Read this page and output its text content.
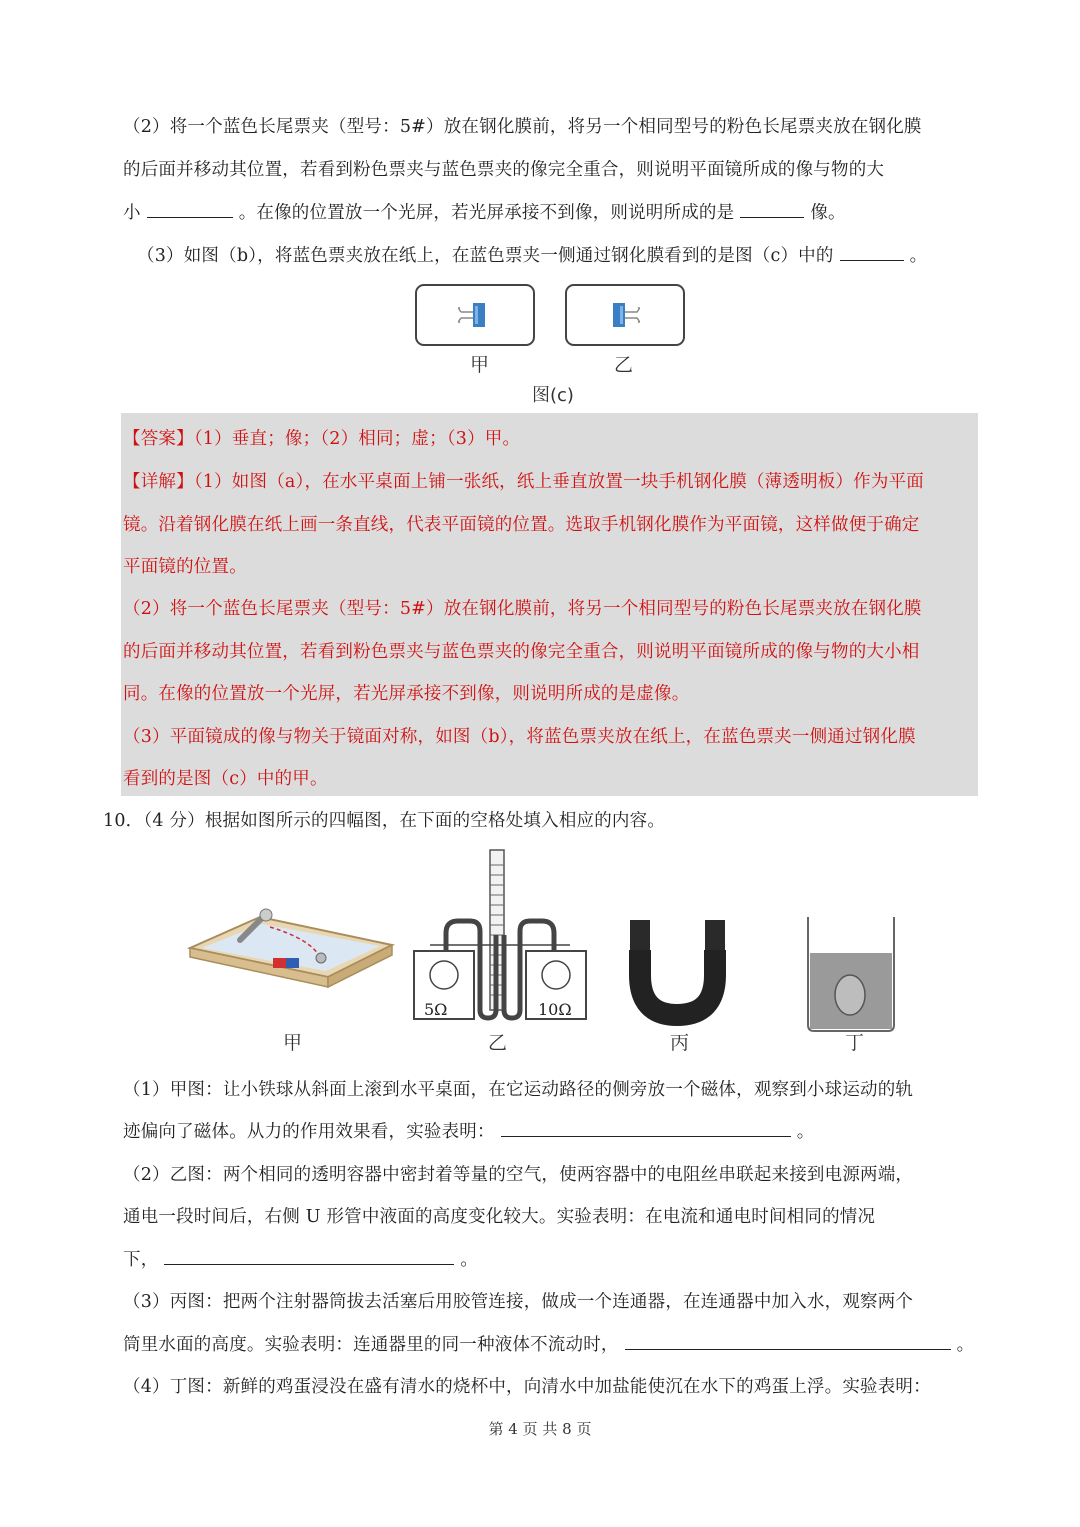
（2）将一个蓝色长尾票夹（型号：5#）放在钢化膜前，将另一个相同型号的粉色长尾票夹放在钢化膜
的后面并移动其位置，若看到粉色票夹与蓝色票夹的像完全重合，则说明平面镜所成的像与物的大
小	。在像的位置放一个光屏，若光屏承接不到像，则说明所成的是	像。
（3）如图（b），将蓝色票夹放在纸上，在蓝色票夹一侧通过钢化膜看到的是图（c）中的	。
甲	乙
图(c)
【答案】（1）垂直；像；（2）相同；虚；（3）甲。
【详解】（1）如图（a），在水平桌面上铺一张纸，纸上垂直放置一块手机钢化膜（薄透明板）作为平面
镜。沿着钢化膜在纸上画一条直线，代表平面镜的位置。选取手机钢化膜作为平面镜，这样做便于确定
平面镜的位置。
（2）将一个蓝色长尾票夹（型号：5#）放在钢化膜前，将另一个相同型号的粉色长尾票夹放在钢化膜
的后面并移动其位置，若看到粉色票夹与蓝色票夹的像完全重合，则说明平面镜所成的像与物的大小相
同。在像的位置放一个光屏，若光屏承接不到像，则说明所成的是虚像。
（3）平面镜成的像与物关于镜面对称，如图（b），将蓝色票夹放在纸上，在蓝色票夹一侧通过钢化膜
看到的是图（c）中的甲。
10．（4 分）根据如图所示的四幅图，在下面的空格处填入相应的内容。
5Ω	10Ω
甲	乙	丙	丁
（1）甲图：让小铁球从斜面上滚到水平桌面，在它运动路径的侧旁放一个磁体，观察到小球运动的轨
迹偏向了磁体。从力的作用效果看，实验表明：	。
（2）乙图：两个相同的透明容器中密封着等量的空气，使两容器中的电阻丝串联起来接到电源两端，
通电一段时间后，右侧 U 形管中液面的高度变化较大。实验表明：在电流和通电时间相同的情况
下，	。
（3）丙图：把两个注射器筒拔去活塞后用胶管连接，做成一个连通器，在连通器中加入水，观察两个
筒里水面的高度。实验表明：连通器里的同一种液体不流动时，	。
（4）丁图：新鲜的鸡蛋浸没在盛有清水的烧杯中，向清水中加盐能使沉在水下的鸡蛋上浮。实验表明：
第 4 页 共 8 页
